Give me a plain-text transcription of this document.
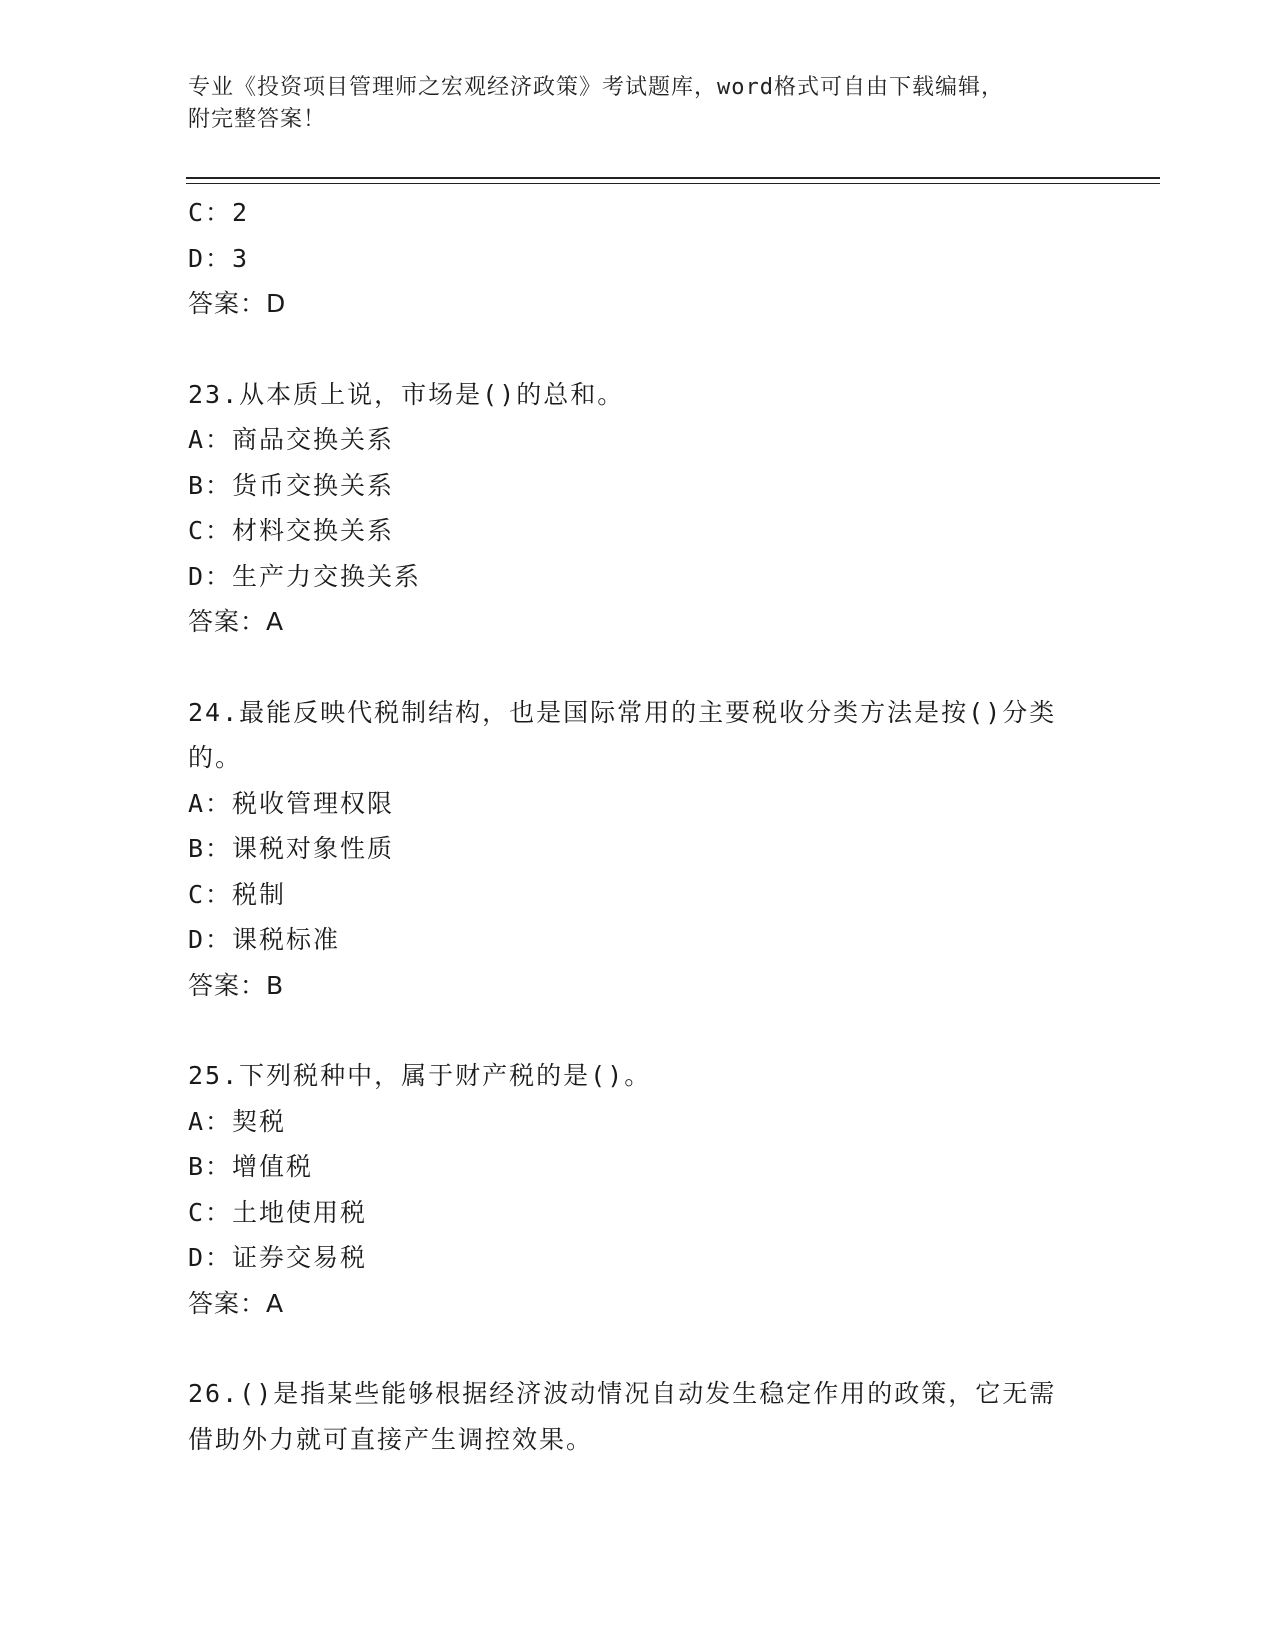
专业《投资项目管理师之宏观经济政策》考试题库，word格式可自由下载编辑，
附完整答案！
C：2
D：3
答案：D
23.从本质上说，市场是()的总和。
A：商品交换关系
B：货币交换关系
C：材料交换关系
D：生产力交换关系
答案：A
24.最能反映代税制结构，也是国际常用的主要税收分类方法是按()分类的。
A：税收管理权限
B：课税对象性质
C：税制
D：课税标准
答案：B
25.下列税种中，属于财产税的是()。
A：契税
B：增值税
C：土地使用税
D：证券交易税
答案：A
26.()是指某些能够根据经济波动情况自动发生稳定作用的政策，它无需借助外力就可直接产生调控效果。
